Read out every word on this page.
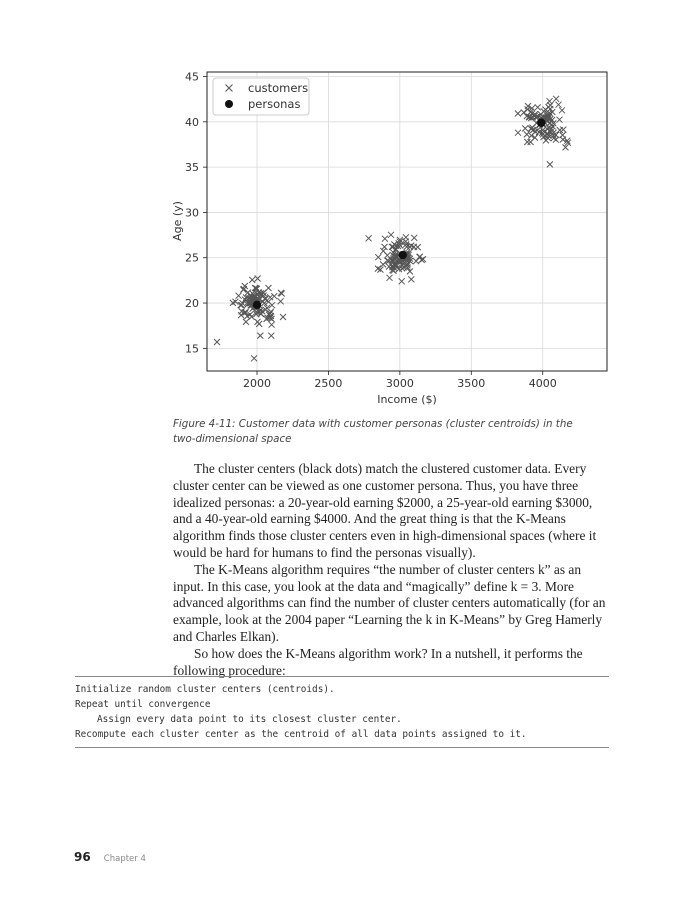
15
20
25
30
35
40
45
2000	2500	3000	3500	4000
customers
personas
Income ($)
Age (y)
Figure 4-11: Customer data with customer personas (cluster centroids) in the two-dimensional space

The cluster centers (black dots) match the clustered customer data. Every cluster center can be viewed as one customer persona. Thus, you have three idealized personas: a 20-year-old earning $2000, a 25-year-old earning $3000, and a 40-year-old earning $4000. And the great thing is that the K-Means algorithm finds those cluster centers even in high-dimensional spaces (where it would be hard for humans to find the personas visually).

The K-Means algorithm requires “the number of cluster centers k” as an input. In this case, you look at the data and “magically” define k = 3. More advanced algorithms can find the number of cluster centers automatically (for an example, look at the 2004 paper “Learning the k in K-Means” by Greg Hamerly and Charles Elkan).

So how does the K-Means algorithm work? In a nutshell, it performs the following procedure:

Initialize random cluster centers (centroids).
Repeat until convergence
Assign every data point to its closest cluster center.
Recompute each cluster center as the centroid of all data points assigned to it.
96 Chapter 4
